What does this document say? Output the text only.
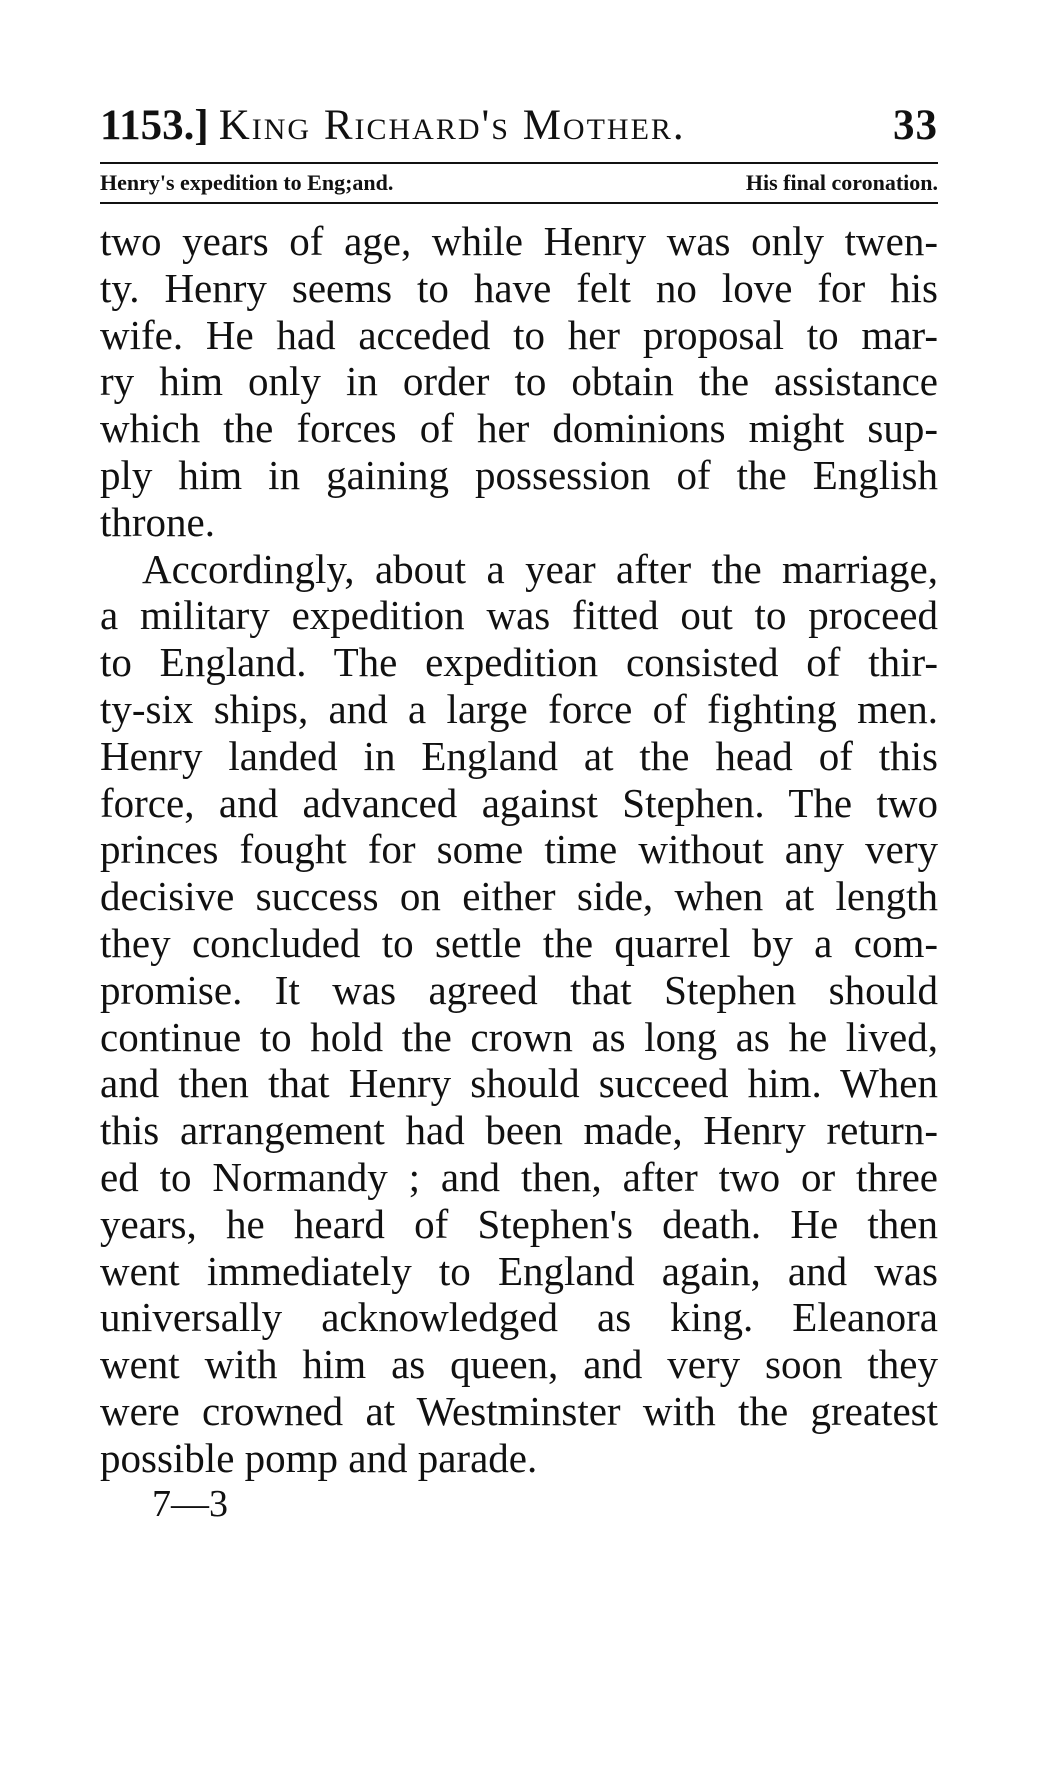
1153.] King Richard's Mother.	33
Henry's expedition to Eng;and.	His final coronation.
two years of age, while Henry was only twen-
ty. Henry seems to have felt no love for his
wife. He had acceded to her proposal to mar-
ry him only in order to obtain the assistance
which the forces of her dominions might sup-
ply him in gaining possession of the English
throne.
Accordingly, about a year after the marriage,
a military expedition was fitted out to proceed
to England. The expedition consisted of thir-
ty-six ships, and a large force of fighting men.
Henry landed in England at the head of this
force, and advanced against Stephen. The two
princes fought for some time without any very
decisive success on either side, when at length
they concluded to settle the quarrel by a com-
promise. It was agreed that Stephen should
continue to hold the crown as long as he lived,
and then that Henry should succeed him. When
this arrangement had been made, Henry return-
ed to Normandy ; and then, after two or three
years, he heard of Stephen's death. He then
went immediately to England again, and was
universally acknowledged as king. Eleanora
went with him as queen, and very soon they
were crowned at Westminster with the greatest
possible pomp and parade.
7—3
